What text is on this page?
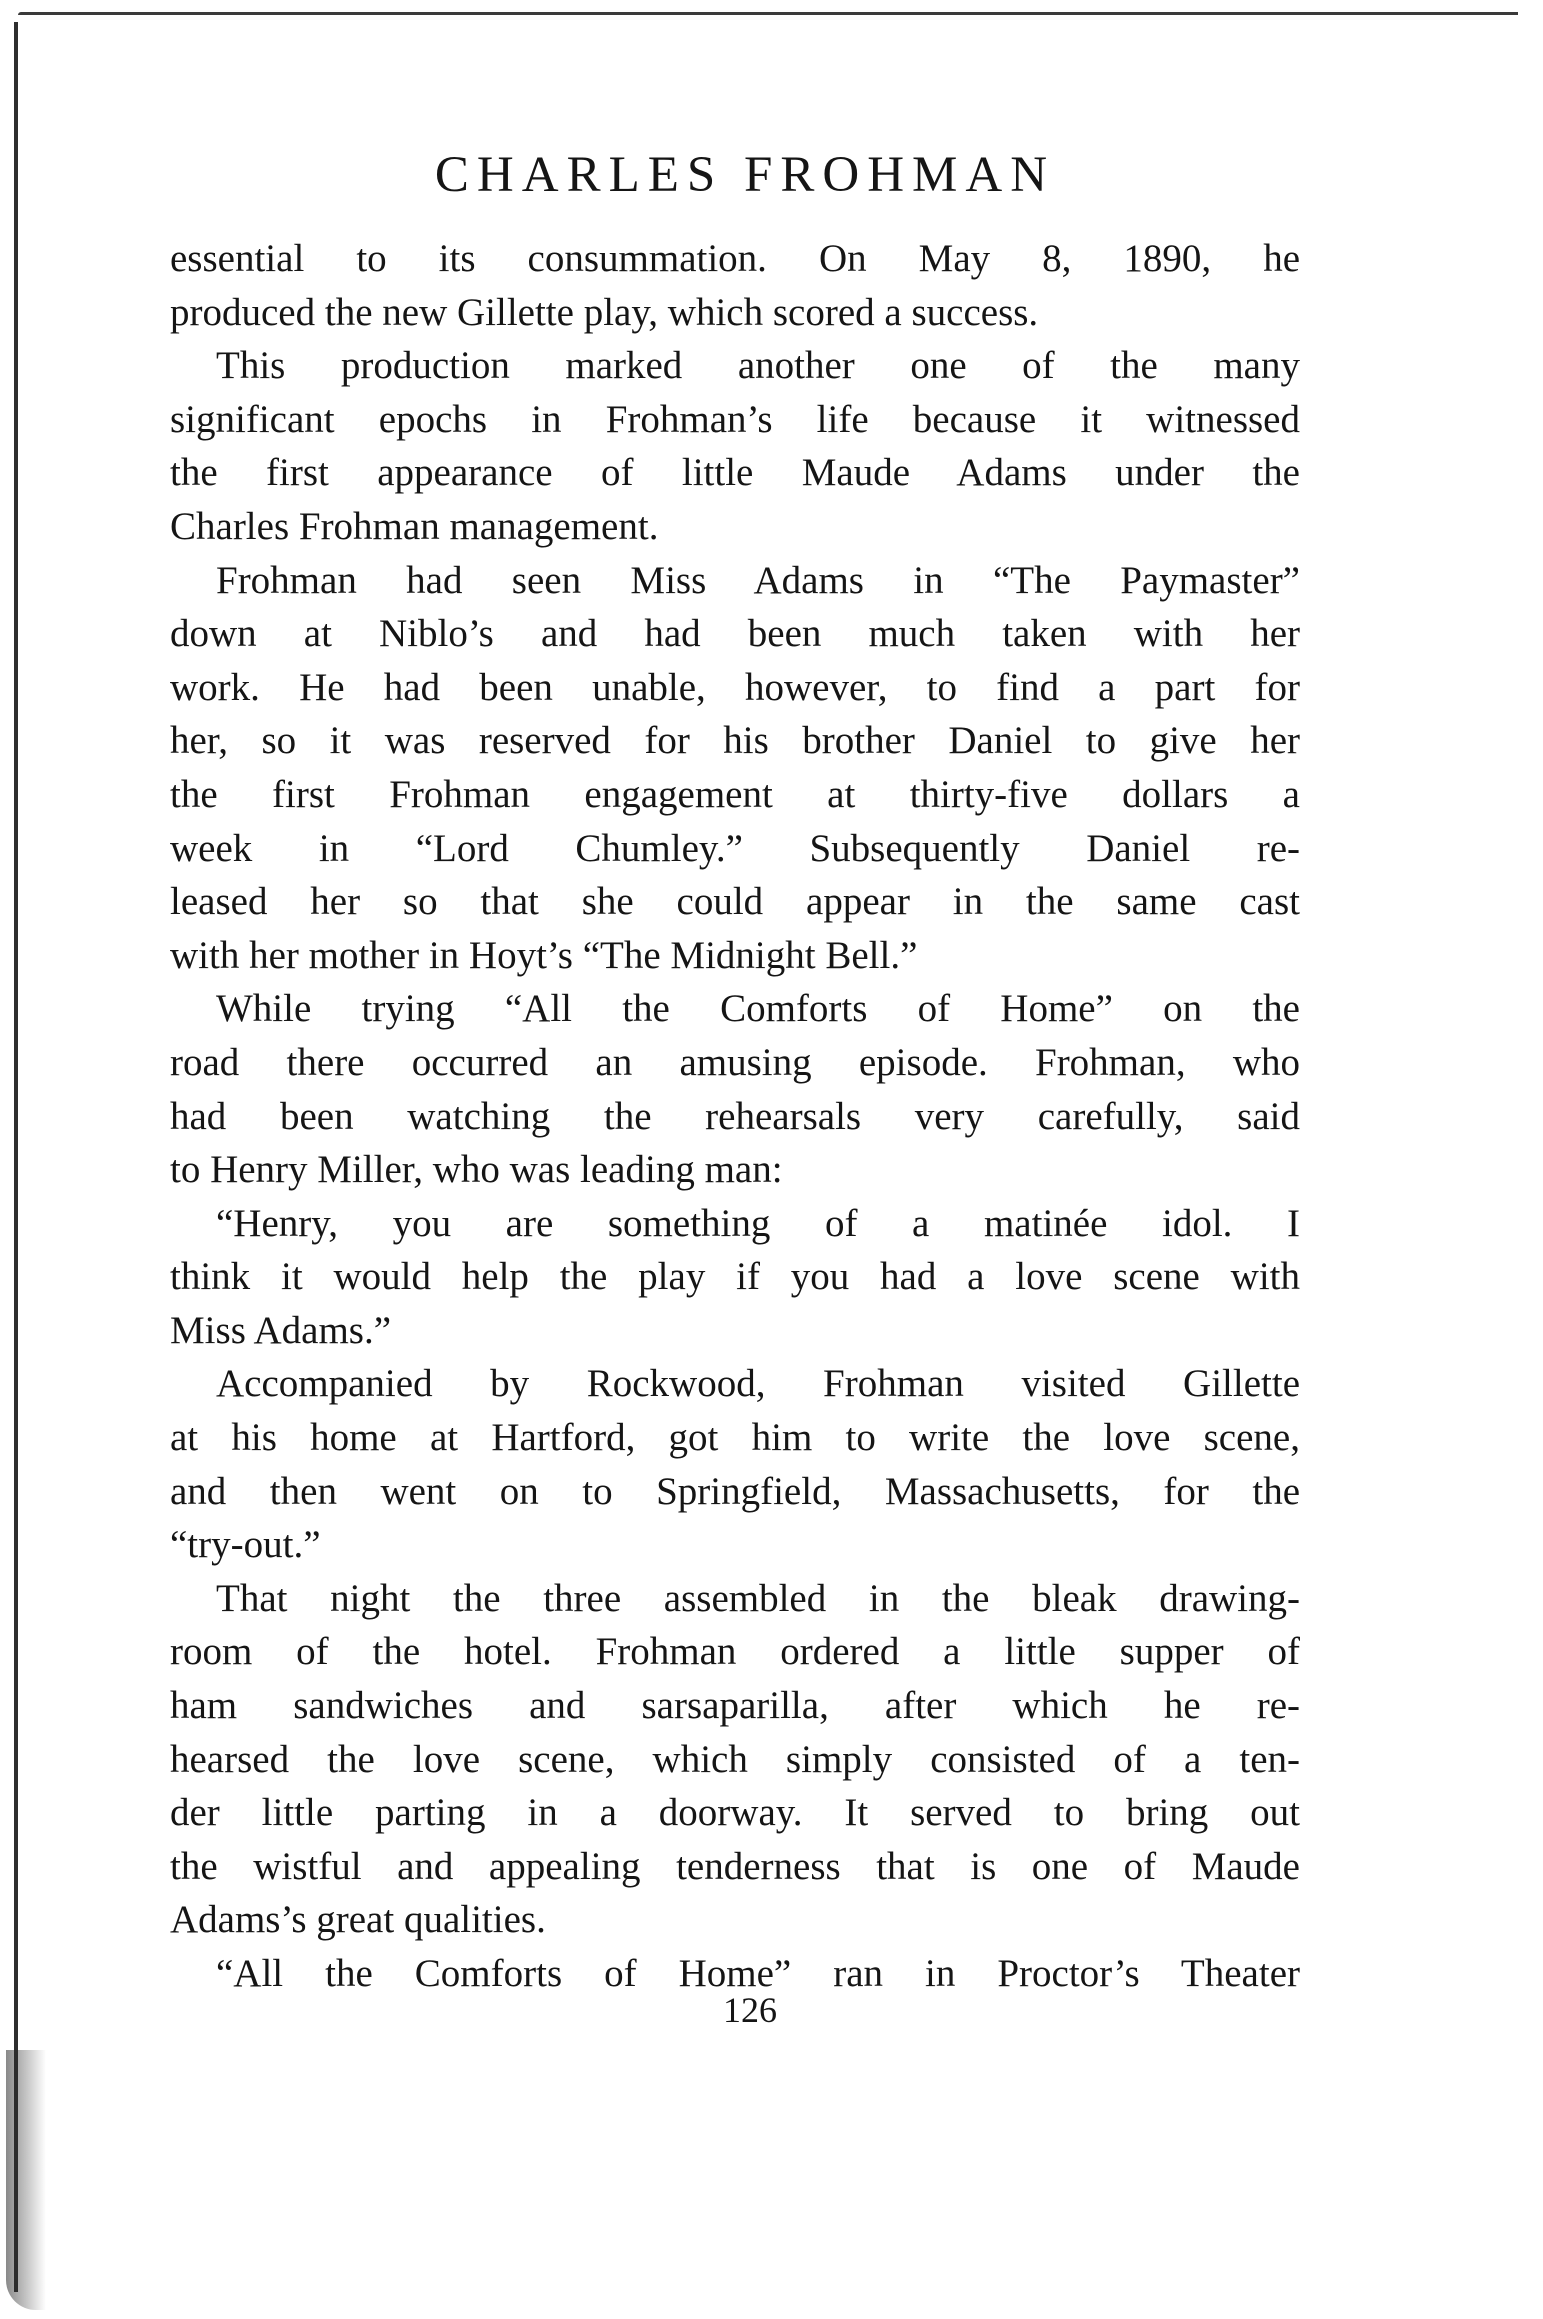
CHARLES FROHMAN
essential to its consummation. On May 8, 1890, he
produced the new Gillette play, which scored a success.
This production marked another one of the many
significant epochs in Frohman’s life because it witnessed
the first appearance of little Maude Adams under the
Charles Frohman management.
Frohman had seen Miss Adams in “The Paymaster”
down at Niblo’s and had been much taken with her
work. He had been unable, however, to find a part for
her, so it was reserved for his brother Daniel to give her
the first Frohman engagement at thirty-five dollars a
week in “Lord Chumley.” Subsequently Daniel re-
leased her so that she could appear in the same cast
with her mother in Hoyt’s “The Midnight Bell.”
While trying “All the Comforts of Home” on the
road there occurred an amusing episode. Frohman, who
had been watching the rehearsals very carefully, said
to Henry Miller, who was leading man:
“Henry, you are something of a matinée idol. I
think it would help the play if you had a love scene with
Miss Adams.”
Accompanied by Rockwood, Frohman visited Gillette
at his home at Hartford, got him to write the love scene,
and then went on to Springfield, Massachusetts, for the
“try-out.”
That night the three assembled in the bleak drawing-
room of the hotel. Frohman ordered a little supper of
ham sandwiches and sarsaparilla, after which he re-
hearsed the love scene, which simply consisted of a ten-
der little parting in a doorway. It served to bring out
the wistful and appealing tenderness that is one of Maude
Adams’s great qualities.
“All the Comforts of Home” ran in Proctor’s Theater
126
